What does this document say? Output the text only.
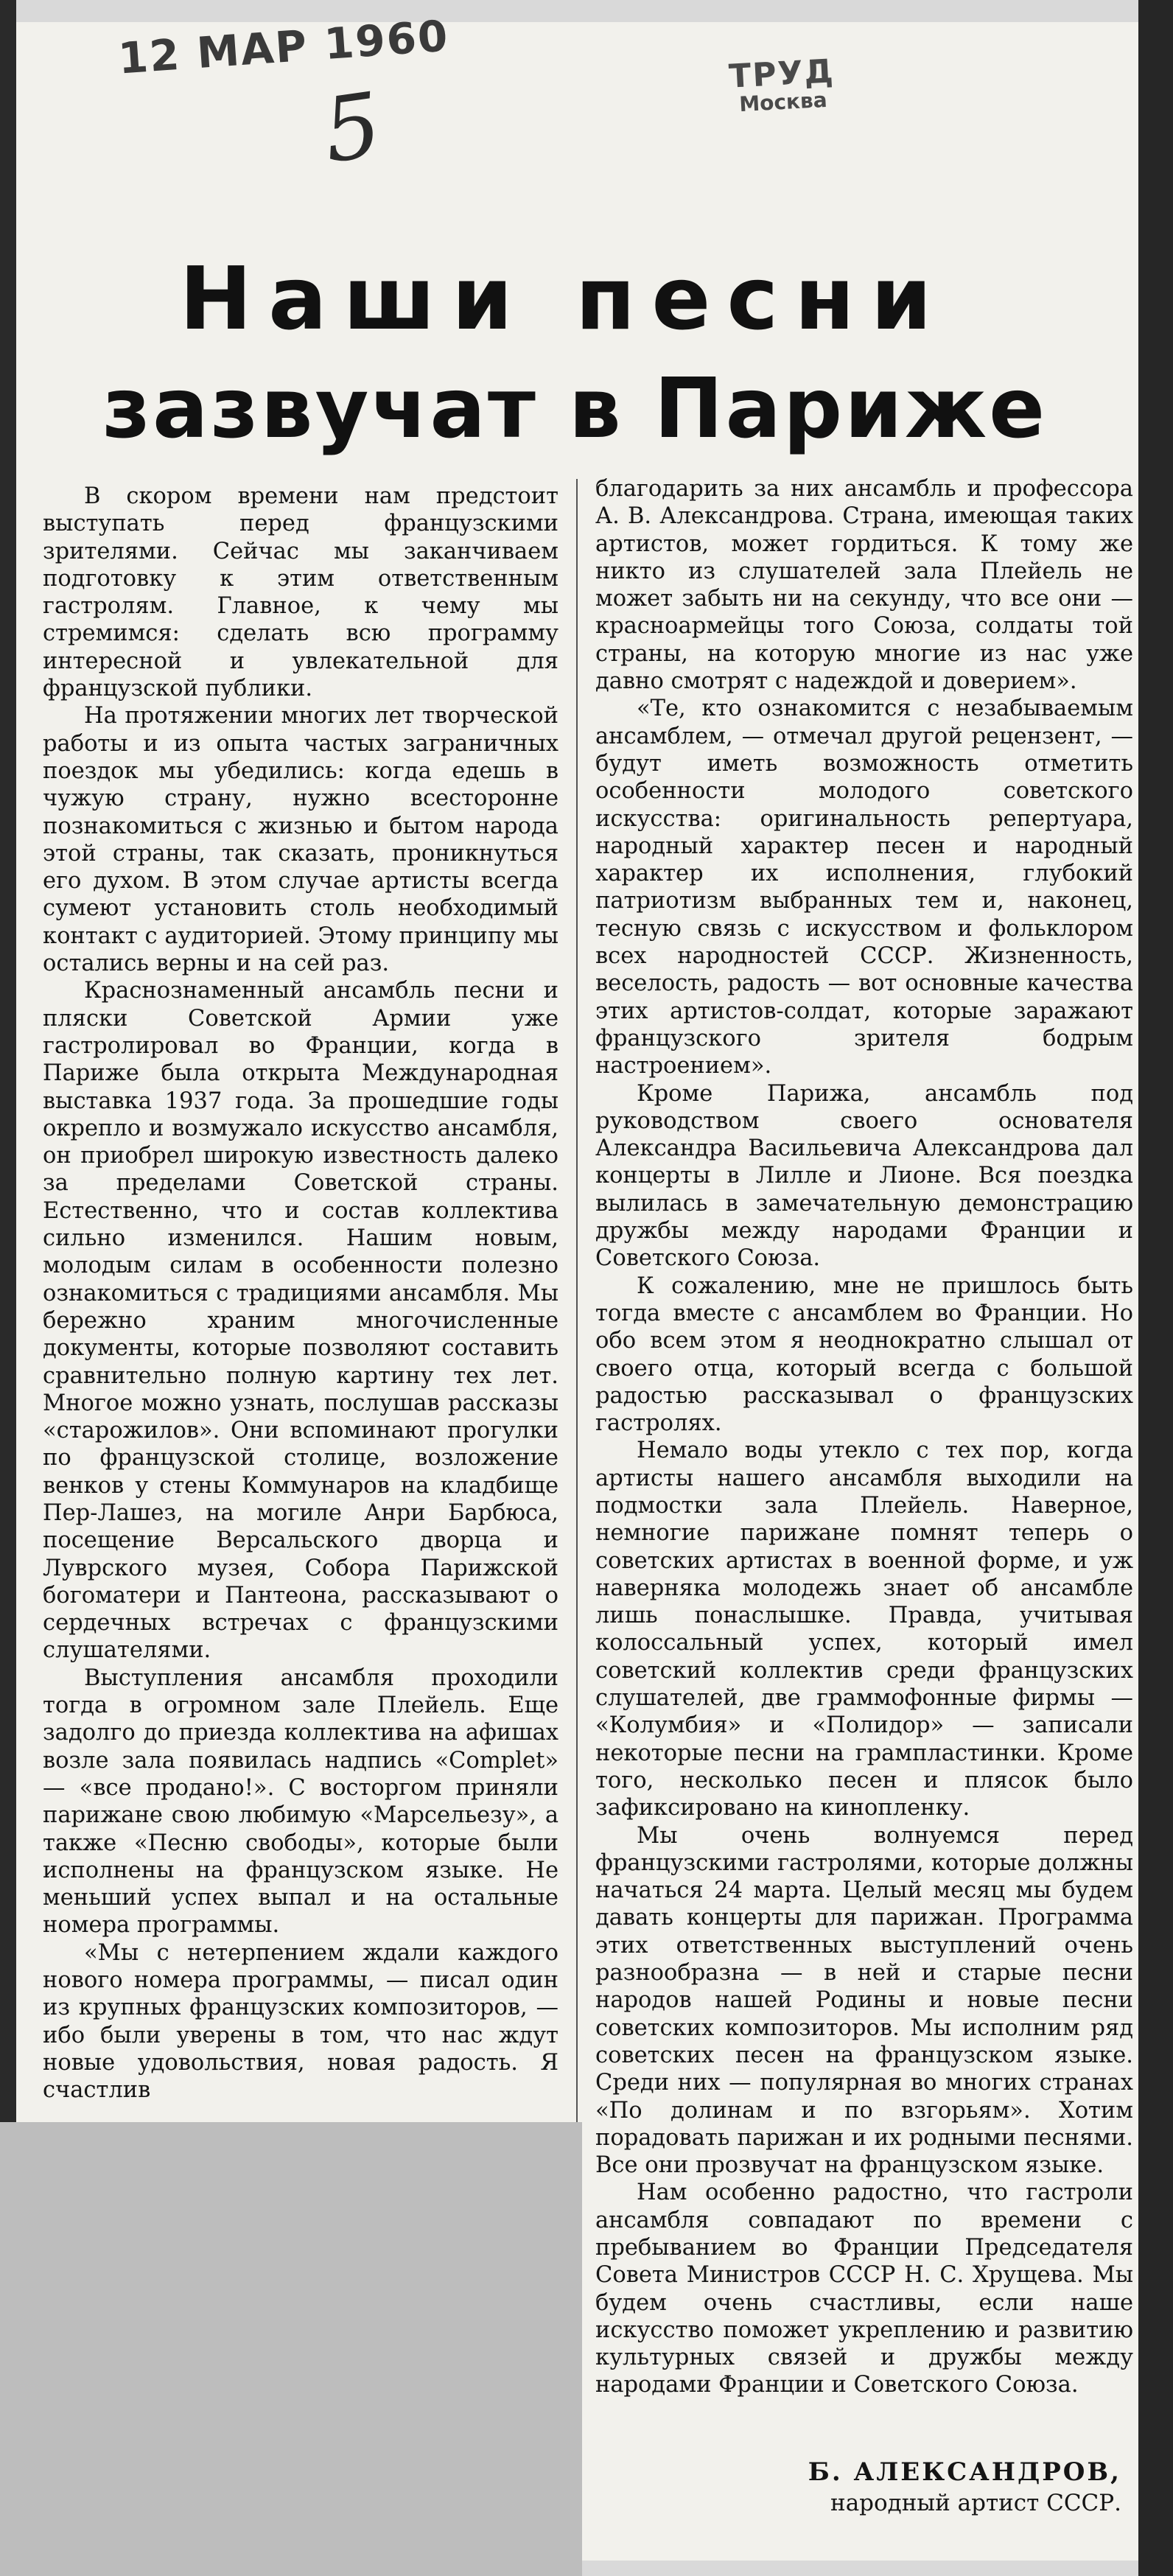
12 МАР 1960
5	ТРУД
Москва
Наши песни
зазвучат в Париже

В скором времени нам предстоит выступать перед французскими зрителями. Сейчас мы заканчиваем подготовку к этим ответственным гастролям. Главное, к чему мы стремимся: сделать всю программу интересной и увлекательной для французской публики.

На протяжении многих лет творческой работы и из опыта частых заграничных поездок мы убедились: когда едешь в чужую страну, нужно всесторонне познакомиться с жизнью и бытом народа этой страны, так сказать, проникнуться его духом. В этом случае артисты всегда сумеют установить столь необходимый контакт с аудиторией. Этому принципу мы остались верны и на сей раз.

Краснознаменный ансамбль песни и пляски Советской Армии уже гастролировал во Франции, когда в Париже была открыта Международная выставка 1937 года. За прошедшие годы окрепло и возмужало искусство ансамбля, он приобрел широкую известность далеко за пределами Советской страны. Естественно, что и состав коллектива сильно изменился. Нашим новым, молодым силам в особенности полезно ознакомиться с традициями ансамбля. Мы бережно храним многочисленные документы, которые позволяют составить сравнительно полную картину тех лет. Многое можно узнать, послушав рассказы «старожилов». Они вспоминают прогулки по французской столице, возложение венков у стены Коммунаров на кладбище Пер-Лашез, на могиле Анри Барбюса, посещение Версальского дворца и Луврского музея, Собора Парижской богоматери и Пантеона, рассказывают о сердечных встречах с французскими слушателями.

Выступления ансамбля проходили тогда в огромном зале Плейель. Еще задолго до приезда коллектива на афишах возле зала появилась надпись «Complet» — «все продано!». С восторгом приняли парижане свою любимую «Марсельезу», а также «Песню свободы», которые были исполнены на французском языке. Не меньший успех выпал и на остальные номера программы.

«Мы с нетерпением ждали каждого нового номера программы, — писал один из крупных французских композиторов, — ибо были уверены в том, что нас ждут новые удовольствия, новая радость. Я счастлив

благодарить за них ансамбль и профессора А. В. Александрова. Страна, имеющая таких артистов, может гордиться. К тому же никто из слушателей зала Плейель не может забыть ни на секунду, что все они — красноармейцы того Союза, солдаты той страны, на которую многие из нас уже давно смотрят с надеждой и доверием».

«Те, кто ознакомится с незабываемым ансамблем, — отмечал другой рецензент, — будут иметь возможность отметить особенности молодого советского искусства: оригинальность репертуара, народный характер песен и народный характер их исполнения, глубокий патриотизм выбранных тем и, наконец, тесную связь с искусством и фольклором всех народностей СССР. Жизненность, веселость, радость — вот основные качества этих артистов-солдат, которые заражают французского зрителя бодрым настроением».

Кроме Парижа, ансамбль под руководством своего основателя Александра Васильевича Александрова дал концерты в Лилле и Лионе. Вся поездка вылилась в замечательную демонстрацию дружбы между народами Франции и Советского Союза.

К сожалению, мне не пришлось быть тогда вместе с ансамблем во Франции. Но обо всем этом я неоднократно слышал от своего отца, который всегда с большой радостью рассказывал о французских гастролях.

Немало воды утекло с тех пор, когда артисты нашего ансамбля выходили на подмостки зала Плейель. Наверное, немногие парижане помнят теперь о советских артистах в военной форме, и уж наверняка молодежь знает об ансамбле лишь понаслышке. Правда, учитывая колоссальный успех, который имел советский коллектив среди французских слушателей, две граммофонные фирмы — «Колумбия» и «Полидор» — записали некоторые песни на грампластинки. Кроме того, несколько песен и плясок было зафиксировано на кинопленку.

Мы очень волнуемся перед французскими гастролями, которые должны начаться 24 марта. Целый месяц мы будем давать концерты для парижан. Программа этих ответственных выступлений очень разнообразна — в ней и старые песни народов нашей Родины и новые песни советских композиторов. Мы исполним ряд советских песен на французском языке. Среди них — популярная во многих странах «По долинам и по взгорьям». Хотим порадовать парижан и их родными песнями. Все они прозвучат на французском языке.

Нам особенно радостно, что гастроли ансамбля совпадают по времени с пребыванием во Франции Председателя Совета Министров СССР Н. С. Хрущева. Мы будем очень счастливы, если наше искусство поможет укреплению и развитию культурных связей и дружбы между народами Франции и Советского Союза.

Б. АЛЕКСАНДРОВ,
народный артист СССР.
